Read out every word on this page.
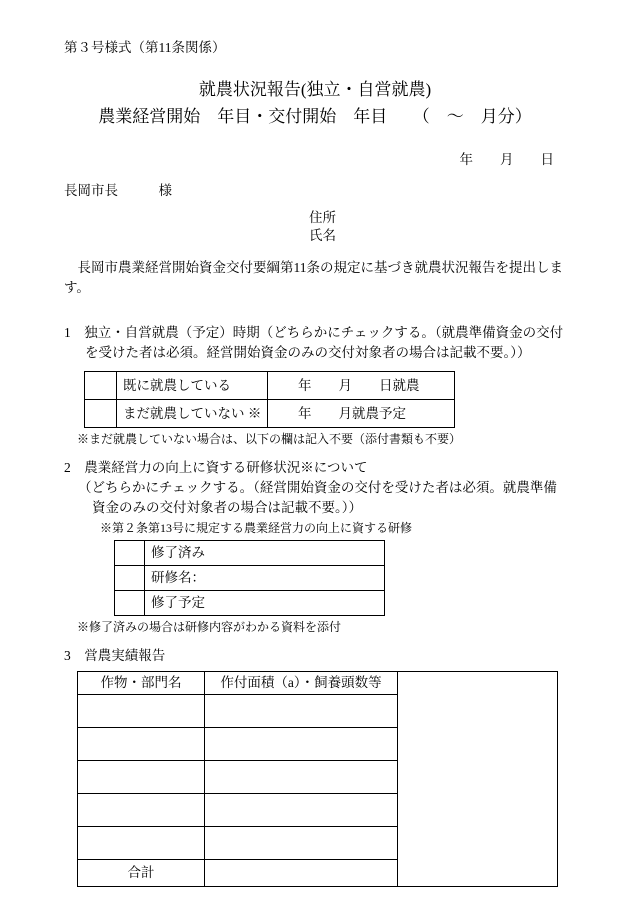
第３号様式（第11条関係）
就農状況報告(独立・自営就農)
農業経営開始　年目・交付開始　年目　　（　～　月分）
年　　月　　日
長岡市長　　　様
住所
氏名
長岡市農業経営開始資金交付要綱第11条の規定に基づき就農状況報告を提出します。
1　独立・自営就農（予定）時期（どちらかにチェックする。（就農準備資金の交付を受けた者は必須。経営開始資金のみの交付対象者の場合は記載不要。））
	既に就農している	年　　月　　日就農
	まだ就農していない ※	年　　月就農予定
※まだ就農していない場合は、以下の欄は記入不要（添付書類も不要）
2　農業経営力の向上に資する研修状況※について
（どちらかにチェックする。（経営開始資金の交付を受けた者は必須。就農準備資金のみの交付対象者の場合は記載不要。））
※第２条第13号に規定する農業経営力の向上に資する研修
	修了済み
	研修名：
	修了予定
※修了済みの場合は研修内容がわかる資料を添付
3　営農実績報告
作物・部門名	作付面積（a）・飼養頭数等	

合計		
